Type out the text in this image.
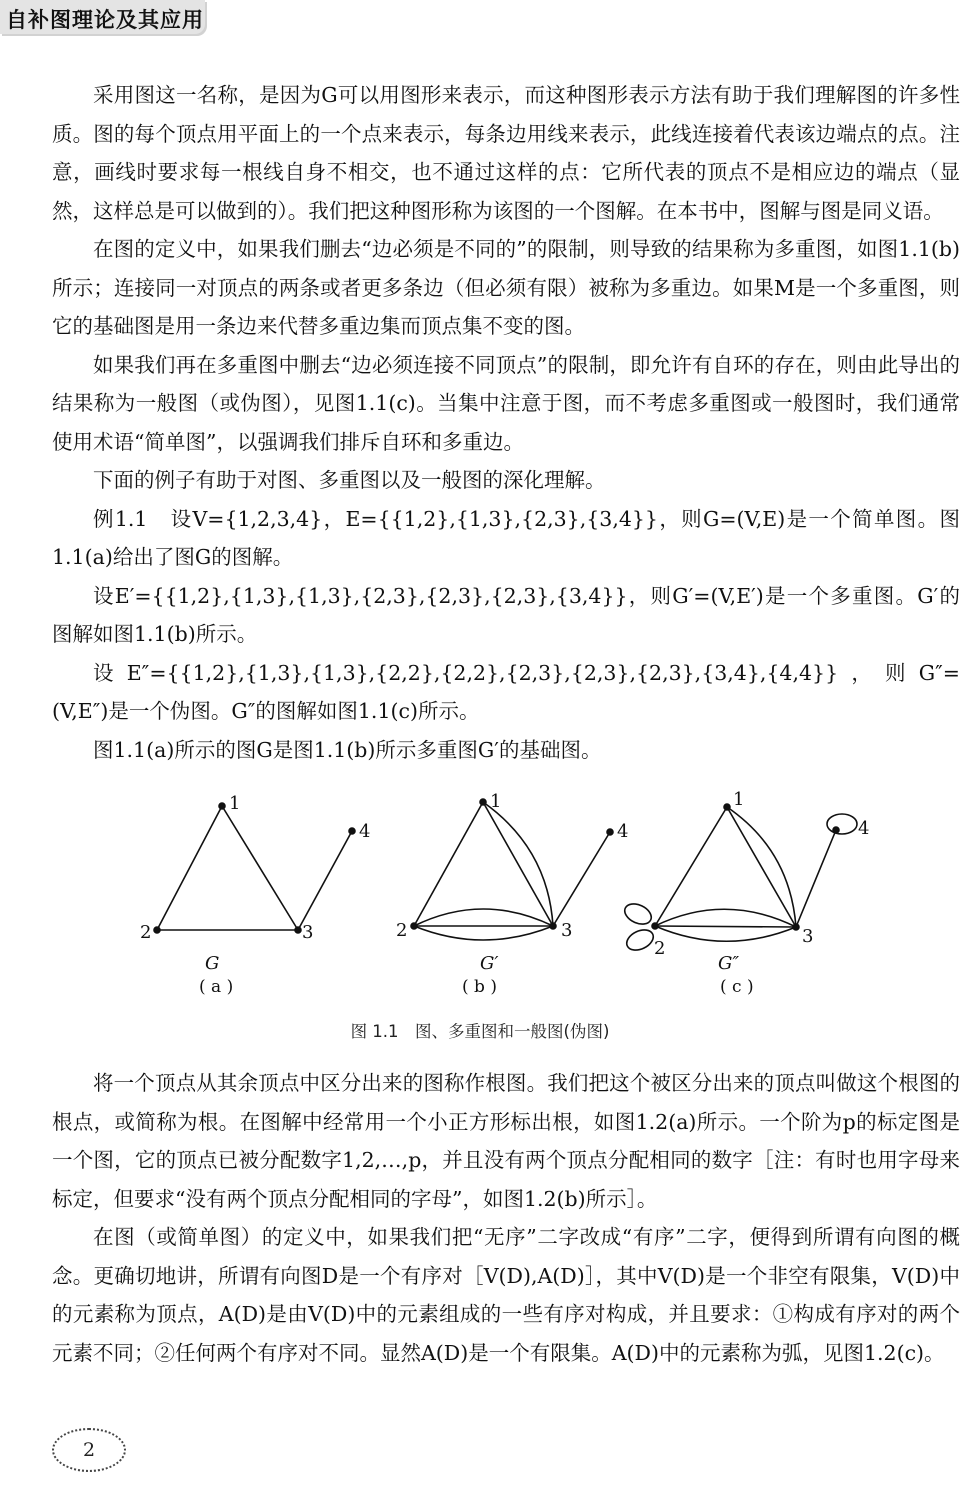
自补图理论及其应用

采用图这一名称，是因为G可以用图形来表示，而这种图形表示方法有助于我们理解图的许多性质。图的每个顶点用平面上的一个点来表示，每条边用线来表示，此线连接着代表该边端点的点。注意，画线时要求每一根线自身不相交，也不通过这样的点：它所代表的顶点不是相应边的端点（显然，这样总是可以做到的）。我们把这种图形称为该图的一个图解。在本书中，图解与图是同义语。

在图的定义中，如果我们删去“边必须是不同的”的限制，则导致的结果称为多重图，如图1.1(b)所示；连接同一对顶点的两条或者更多条边（但必须有限）被称为多重边。如果M是一个多重图，则它的基础图是用一条边来代替多重边集而顶点集不变的图。

如果我们再在多重图中删去“边必须连接不同顶点”的限制，即允许有自环的存在，则由此导出的结果称为一般图（或伪图），见图1.1(c)。当集中注意于图，而不考虑多重图或一般图时，我们通常使用术语“简单图”，以强调我们排斥自环和多重边。

下面的例子有助于对图、多重图以及一般图的深化理解。

例1.1　设V={1,2,3,4}，E={{1,2},{1,3},{2,3},{3,4}}，则G=(V,E)是一个简单图。图1.1(a)给出了图G的图解。

设E′={{1,2},{1,3},{1,3},{2,3},{2,3},{2,3},{3,4}}，则G′=(V,E′)是一个多重图。G′的图解如图1.1(b)所示。

设E″={{1,2},{1,3},{1,3},{2,2},{2,2},{2,3},{2,3},{2,3},{3,4},{4,4}}，则G″=(V,E″)是一个伪图。G″的图解如图1.1(c)所示。

图1.1(a)所示的图G是图1.1(b)所示多重图G′的基础图。

1
2	3
4
G
( a )
1
2	3
4
G′
( b )
1
2
3
4
G″
( c )
图 1.1　图、多重图和一般图(伪图)

将一个顶点从其余顶点中区分出来的图称作根图。我们把这个被区分出来的顶点叫做这个根图的根点，或简称为根。在图解中经常用一个小正方形标出根，如图1.2(a)所示。一个阶为p的标定图是一个图，它的顶点已被分配数字1,2,…,p，并且没有两个顶点分配相同的数字［注：有时也用字母来标定，但要求“没有两个顶点分配相同的字母”，如图1.2(b)所示］。

在图（或简单图）的定义中，如果我们把“无序”二字改成“有序”二字，便得到所谓有向图的概念。更确切地讲，所谓有向图D是一个有序对［V(D),A(D)］，其中V(D)是一个非空有限集，V(D)中的元素称为顶点，A(D)是由V(D)中的元素组成的一些有序对构成，并且要求：①构成有序对的两个元素不同；②任何两个有序对不同。显然A(D)是一个有限集。A(D)中的元素称为弧，见图1.2(c)。

2
